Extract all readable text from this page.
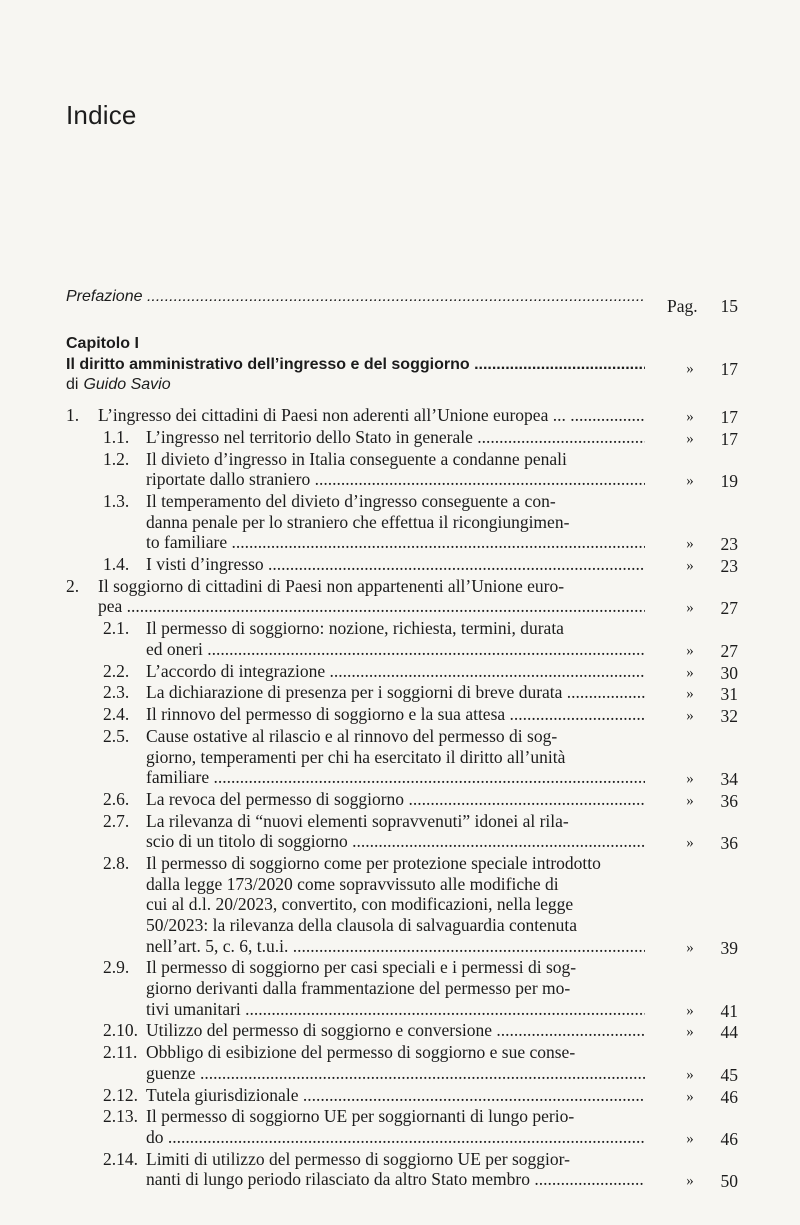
Indice
Prefazione .....	Pag.	15
Capitolo I
Il diritto amministrativo dell’ingresso e del soggiorno .....	»	17
di Guido Savio
1. L’ingresso dei cittadini di Paesi non aderenti all’Unione europea ... .....	»	17
1.1. L’ingresso nel territorio dello Stato in generale .....	»	17
1.2. Il divieto d’ingresso in Italia conseguente a condanne penali
riportate dallo straniero .....	»	19
1.3. Il temperamento del divieto d’ingresso conseguente a con-
danna penale per lo straniero che effettua il ricongiungimen-
to familiare .....	»	23
1.4. I visti d’ingresso .....	»	23
2. Il soggiorno di cittadini di Paesi non appartenenti all’Unione euro-
pea .....	»	27
2.1. Il permesso di soggiorno: nozione, richiesta, termini, durata
ed oneri .....	»	27
2.2. L’accordo di integrazione .....	»	30
2.3. La dichiarazione di presenza per i soggiorni di breve durata .....	»	31
2.4. Il rinnovo del permesso di soggiorno e la sua attesa .....	»	32
2.5. Cause ostative al rilascio e al rinnovo del permesso di sog-
giorno, temperamenti per chi ha esercitato il diritto all’unità
familiare .....	»	34
2.6. La revoca del permesso di soggiorno .....	»	36
2.7. La rilevanza di “nuovi elementi sopravvenuti” idonei al rila-
scio di un titolo di soggiorno .....	»	36
2.8. Il permesso di soggiorno come per protezione speciale introdotto
dalla legge 173/2020 come sopravvissuto alle modifiche di
cui al d.l. 20/2023, convertito, con modificazioni, nella legge
50/2023: la rilevanza della clausola di salvaguardia contenuta
nell’art. 5, c. 6, t.u.i. .....	»	39
2.9. Il permesso di soggiorno per casi speciali e i permessi di sog-
giorno derivanti dalla frammentazione del permesso per mo-
tivi umanitari .....	»	41
2.10. Utilizzo del permesso di soggiorno e conversione .....	»	44
2.11. Obbligo di esibizione del permesso di soggiorno e sue conse-
guenze .....	»	45
2.12. Tutela giurisdizionale .....	»	46
2.13. Il permesso di soggiorno UE per soggiornanti di lungo perio-
do .....	»	46
2.14. Limiti di utilizzo del permesso di soggiorno UE per soggior-
nanti di lungo periodo rilasciato da altro Stato membro .....	»	50
